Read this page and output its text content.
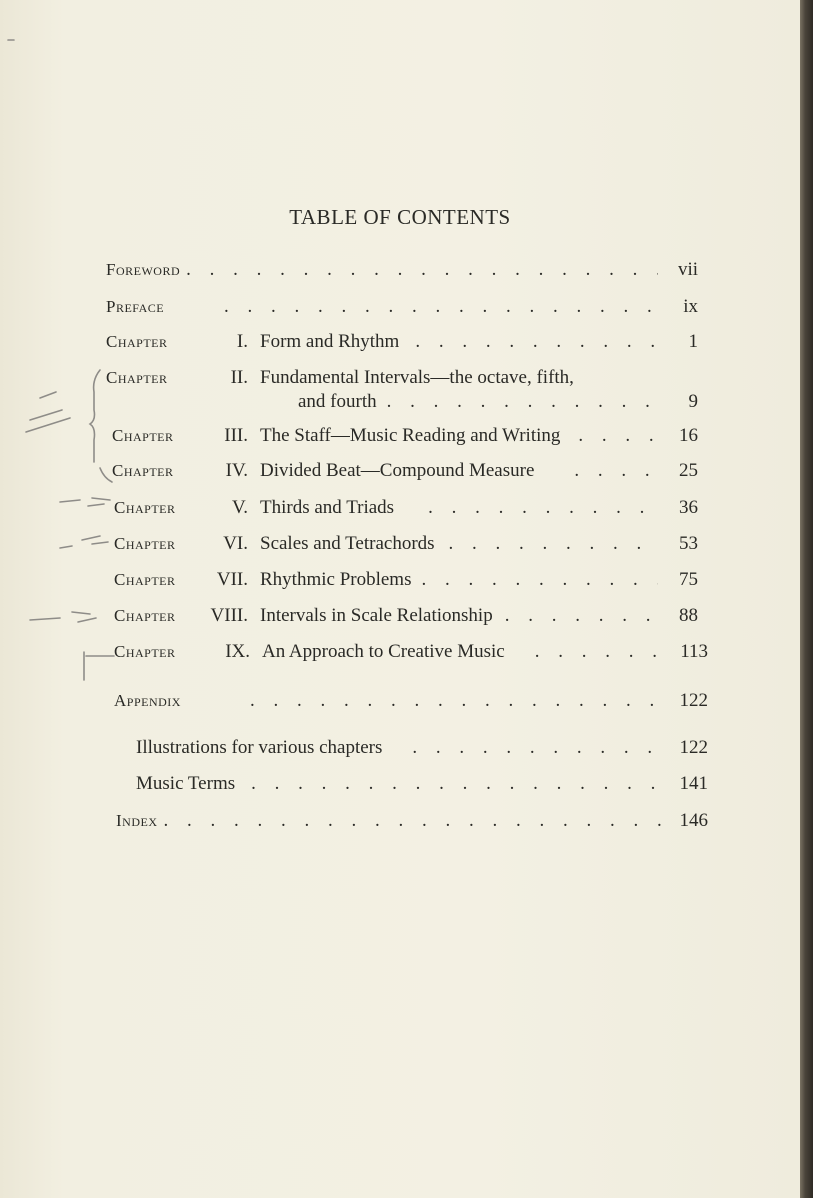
TABLE OF CONTENTS
Foreword . . .	vii
Preface . . .	ix
Chapter	I. Form and Rhythm . . .	1
Chapter	II. Fundamental Intervals—the octave, fifth,
and fourth . . .	9
Chapter	III. The Staff—Music Reading and Writing . . .	16
Chapter	IV. Divided Beat—Compound Measure . . .	25
Chapter	V. Thirds and Triads . . .	36
Chapter	VI. Scales and Tetrachords . . .	53
Chapter	VII. Rhythmic Problems . . .	75
Chapter	VIII. Intervals in Scale Relationship . . .	88
Chapter	IX. An Approach to Creative Music . . .	113
Appendix . . .	122
Illustrations for various chapters . . .	122
Music Terms . . .	141
Index . . .	146
